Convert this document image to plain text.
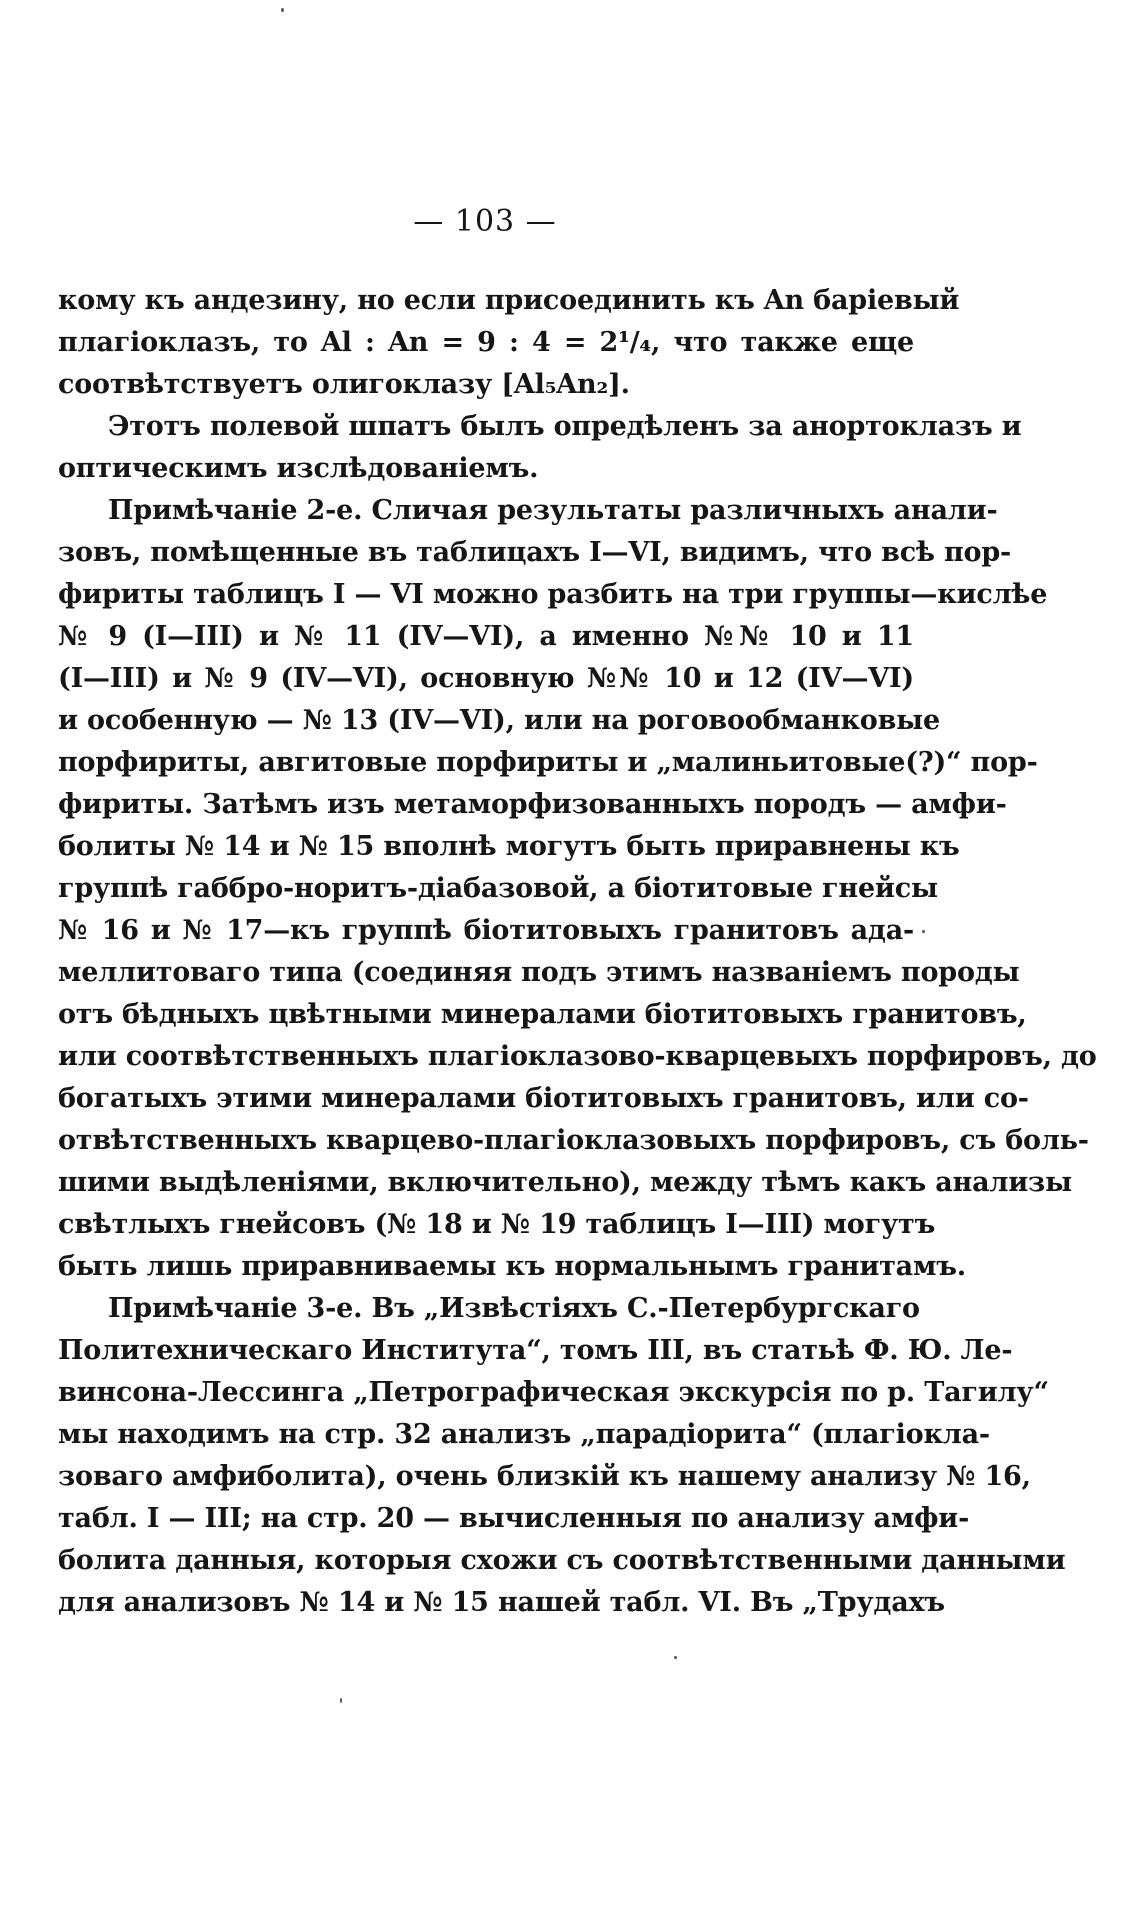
— 103 —
кому къ андезину, но если присоединить къ An баріевый
плагіоклазъ, то Al : An = 9 : 4 = 2¹/₄, что также еще
соотвѣтствуетъ олигоклазу [Al₅An₂].
Этотъ полевой шпатъ былъ опредѣленъ за анортоклазъ и
оптическимъ изслѣдованіемъ.
Примѣчаніе 2-е. Сличая результаты различныхъ анали-
зовъ, помѣщенные въ таблицахъ I—VI, видимъ, что всѣ пор-
фириты таблицъ I — VI можно разбить на три группы—кислѣе
№ 9 (I—III) и № 11 (IV—VI), а именно №№ 10 и 11
(I—III) и № 9 (IV—VI), основную №№ 10 и 12 (IV—VI)
и особенную — № 13 (IV—VI), или на роговообманковые
порфириты, авгитовые порфириты и „малиньитовые(?)“ пор-
фириты. Затѣмъ изъ метаморфизованныхъ породъ — амфи-
болиты № 14 и № 15 вполнѣ могутъ быть приравнены къ
группѣ габбро-норитъ-діабазовой, а біотитовые гнейсы
№ 16 и № 17—къ группѣ біотитовыхъ гранитовъ ада-
меллитоваго типа (соединяя подъ этимъ названіемъ породы
отъ бѣдныхъ цвѣтными минералами біотитовыхъ гранитовъ,
или соотвѣтственныхъ плагіоклазово-кварцевыхъ порфировъ, до
богатыхъ этими минералами біотитовыхъ гранитовъ, или со-
отвѣтственныхъ кварцево-плагіоклазовыхъ порфировъ, съ боль-
шими выдѣленіями, включительно), между тѣмъ какъ анализы
свѣтлыхъ гнейсовъ (№ 18 и № 19 таблицъ I—III) могутъ
быть лишь приравниваемы къ нормальнымъ гранитамъ.
Примѣчаніе 3-е. Въ „Извѣстіяхъ С.-Петербургскаго
Политехническаго Института“, томъ III, въ статьѣ Ф. Ю. Ле-
винсона-Лессинга „Петрографическая экскурсія по р. Тагилу“
мы находимъ на стр. 32 анализъ „парадіорита“ (плагіокла-
зоваго амфиболита), очень близкій къ нашему анализу № 16,
табл. I — III; на стр. 20 — вычисленныя по анализу амфи-
болита данныя, которыя схожи съ соотвѣтственными данными
для анализовъ № 14 и № 15 нашей табл. VI. Въ „Трудахъ
